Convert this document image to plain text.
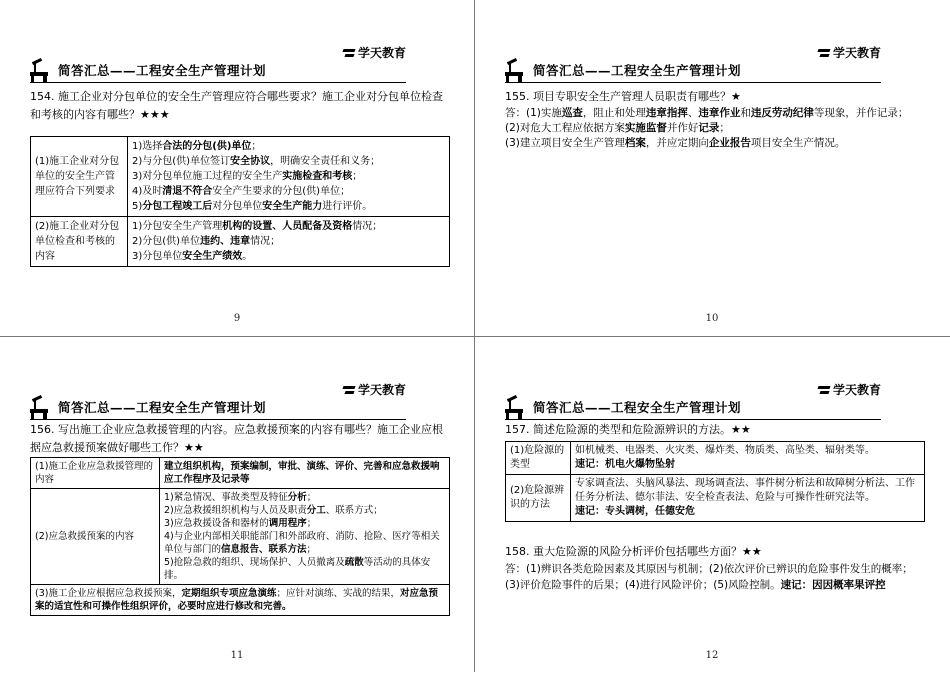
学天教育
简答汇总——工程安全生产管理计划
154. 施工企业对分包单位的安全生产管理应符合哪些要求？施工企业对分包单位检查和考核的内容有哪些？★★★
(1)施工企业对分包单位的安全生产管理应符合下列要求	1)选择合法的分包(供)单位；
2)与分包(供)单位签订安全协议，明确安全责任和义务；
3)对分包单位施工过程的安全生产实施检查和考核；
4)及时清退不符合安全产生要求的分包(供)单位；
5)分包工程竣工后对分包单位安全生产能力进行评价。

(2)施工企业对分包单位检查和考核的内容	1)分包安全生产管理机构的设置、人员配备及资格情况；
2)分包(供)单位违约、违章情况；
3)分包单位安全生产绩效。
9
学天教育
简答汇总——工程安全生产管理计划
155. 项目专职安全生产管理人员职责有哪些？★
答：(1)实施巡查，阻止和处理违章指挥、违章作业和违反劳动纪律等现象，并作记录；
(2)对危大工程应依据方案实施监督并作好记录；
(3)建立项目安全生产管理档案，并应定期向企业报告项目安全生产情况。
10
学天教育
简答汇总——工程安全生产管理计划
156. 写出施工企业应急救援管理的内容。应急救援预案的内容有哪些？施工企业应根据应急救援预案做好哪些工作？★★
(1)施工企业应急救援管理的内容	建立组织机构，预案编制，审批、演练、评价、完善和应急救援响应工作程序及记录等
(2)应急救援预案的内容	1)紧急情况、事故类型及特征分析；
2)应急救援组织机构与人员及职责分工、联系方式；
3)应急救援设备和器材的调用程序；
4)与企业内部相关职能部门和外部政府、消防、抢险、医疗等相关单位与部门的信息报告、联系方法；
5)抢险急救的组织、现场保护、人员撤离及疏散等活动的具体安排。

(3)施工企业应根据应急救援预案，定期组织专项应急演练；应针对演练、实战的结果，对应急预案的适宜性和可操作性组织评价，必要时应进行修改和完善。	
11
学天教育
简答汇总——工程安全生产管理计划
157. 简述危险源的类型和危险源辨识的方法。★★
(1)危险源的类型	如机械类、电器类、火灾类、爆炸类、物质类、高坠类、辐射类等。
速记：机电火爆物坠射

(2)危险源辨识的方法	专家调查法、头脑风暴法、现场调查法、事件树分析法和故障树分析法、工作任务分析法、德尔菲法、安全检查表法、危险与可操作性研究法等。
速记：专头调树，任德安危
158. 重大危险源的风险分析评价包括哪些方面？★★
答：(1)辨识各类危险因素及其原因与机制；(2)依次评价已辨识的危险事件发生的概率；(3)评价危险事件的后果；(4)进行风险评价；(5)风险控制。速记：因因概率果评控
12
